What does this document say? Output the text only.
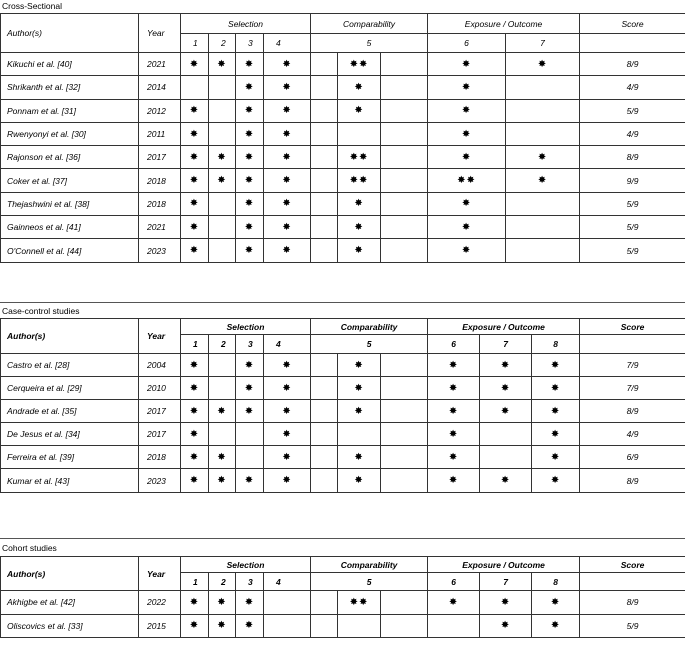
Cross-Sectional
Author(s)	Year	Selection				Comparability			Exposure / Outcome		Score
		1	2	3	4	5			6	7	
Kikuchi et al. [40]	2021	✸	✸	✸	✸		✸✸		✸	✸	8/9
Shrikanth et al. [32]	2014			✸	✸		✸		✸		4/9
Ponnam et al. [31]	2012	✸		✸	✸		✸		✸		5/9
Rwenyonyi et al. [30]	2011	✸		✸	✸				✸		4/9
Rajonson et al. [36]	2017	✸	✸	✸	✸		✸✸		✸	✸	8/9
Coker et al. [37]	2018	✸	✸	✸	✸		✸✸		✸✸	✸	9/9
Thejashwini et al. [38]	2018	✸		✸	✸		✸		✸		5/9
Gainneos et al. [41]	2021	✸		✸	✸		✸		✸		5/9
O'Connell et al. [44]	2023	✸		✸	✸		✸		✸		5/9
Case-control studies
Author(s)	Year	Selection				Comparability			Exposure / Outcome			Score
		1	2	3	4	5			6	7	8	
Castro et al. [28]	2004	✸		✸	✸		✸		✸	✸	✸	7/9
Cerqueira et al. [29]	2010	✸		✸	✸		✸		✸	✸	✸	7/9
Andrade et al. [35]	2017	✸	✸	✸	✸		✸		✸	✸	✸	8/9
De Jesus et al. [34]	2017	✸			✸				✸		✸	4/9
Ferreira et al. [39]	2018	✸	✸		✸		✸		✸		✸	6/9
Kumar et al. [43]	2023	✸	✸	✸	✸		✸		✸	✸	✸	8/9
Cohort studies
Author(s)	Year	Selection				Comparability			Exposure / Outcome			Score
		1	2	3	4	5			6	7	8	
Akhigbe et al. [42]	2022	✸	✸	✸			✸✸		✸	✸	✸	8/9
Oliscovics et al. [33]	2015	✸	✸	✸						✸	✸	5/9
